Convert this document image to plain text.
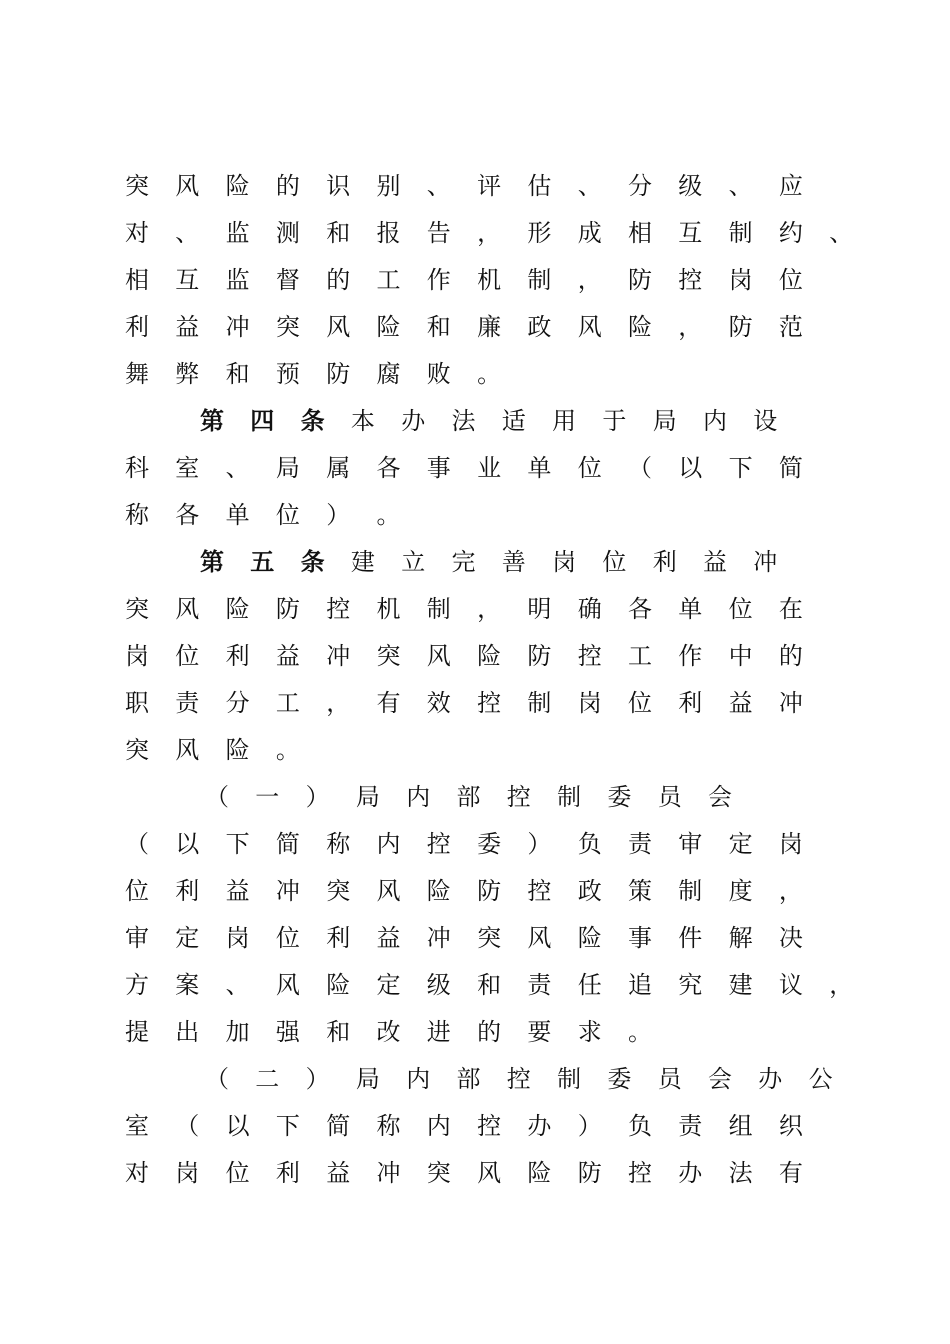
突 风 险 的 识 别 、 评 估 、 分 级 、 应
对 、 监 测 和 报 告 ， 形 成 相 互 制 约 、
相 互 监 督 的 工 作 机 制 ， 防 控 岗 位
利 益 冲 突 风 险 和 廉 政 风 险 ， 防 范
舞 弊 和 预 防 腐 败 。
第 四 条 本 办 法 适 用 于 局 内 设
科 室 、 局 属 各 事 业 单 位 （ 以 下 简
称 各 单 位 ） 。
第 五 条 建 立 完 善 岗 位 利 益 冲
突 风 险 防 控 机 制 ， 明 确 各 单 位 在
岗 位 利 益 冲 突 风 险 防 控 工 作 中 的
职 责 分 工 ， 有 效 控 制 岗 位 利 益 冲
突 风 险 。
（ 一 ） 局 内 部 控 制 委 员 会
（ 以 下 简 称 内 控 委 ） 负 责 审 定 岗
位 利 益 冲 突 风 险 防 控 政 策 制 度 ，
审 定 岗 位 利 益 冲 突 风 险 事 件 解 决
方 案 、 风 险 定 级 和 责 任 追 究 建 议 ，
提 出 加 强 和 改 进 的 要 求 。
（ 二 ） 局 内 部 控 制 委 员 会 办 公
室 （ 以 下 简 称 内 控 办 ） 负 责 组 织
对 岗 位 利 益 冲 突 风 险 防 控 办 法 有
